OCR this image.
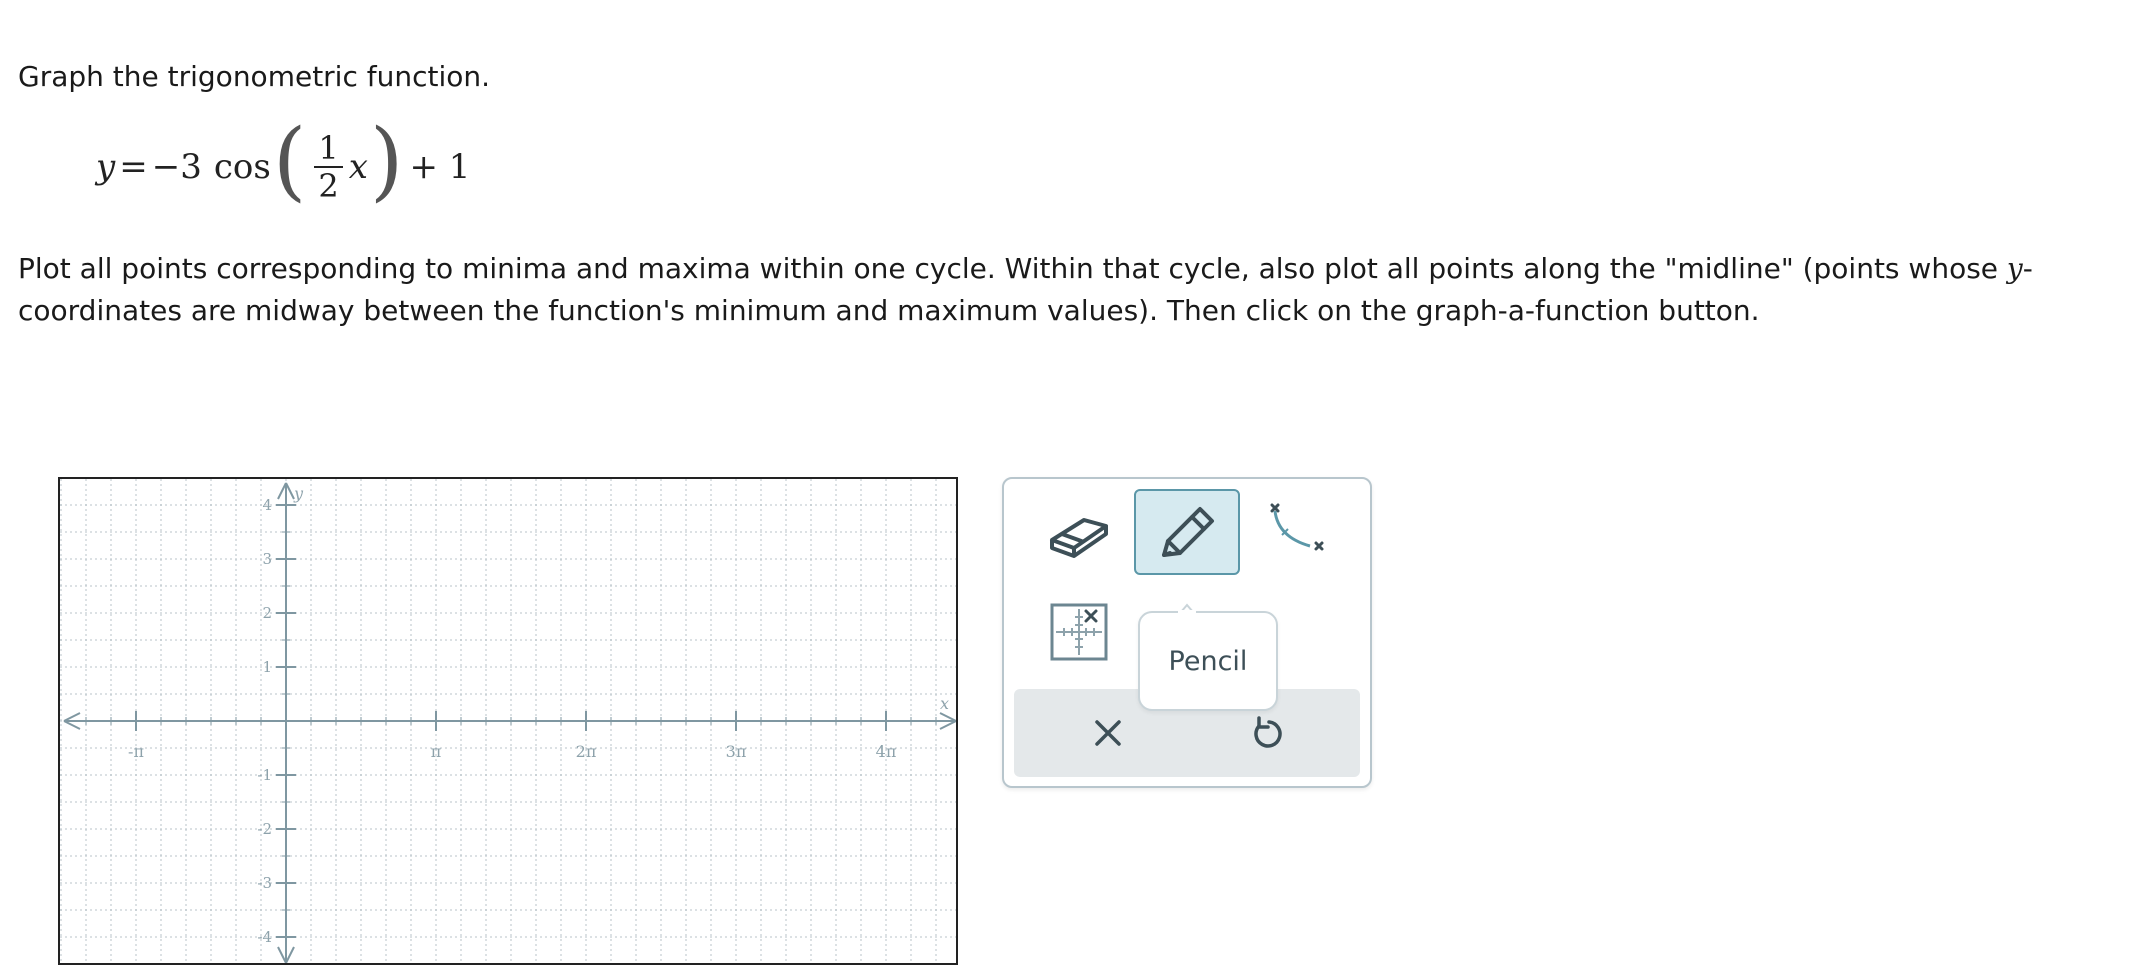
Graph the trigonometric function.
y = −3 cos ( $\frac{1}{2}$ x ) + 1
Plot all points corresponding to minima and maxima within one cycle. Within that cycle, also plot all points along the "midline" (points whose y-coordinates are midway between the function's minimum and maximum values). Then click on the graph-a-function button.
x
y
-π	π	2π	3π	4π
4
3
2
1
-1
-2
-3
-4
Pencil
